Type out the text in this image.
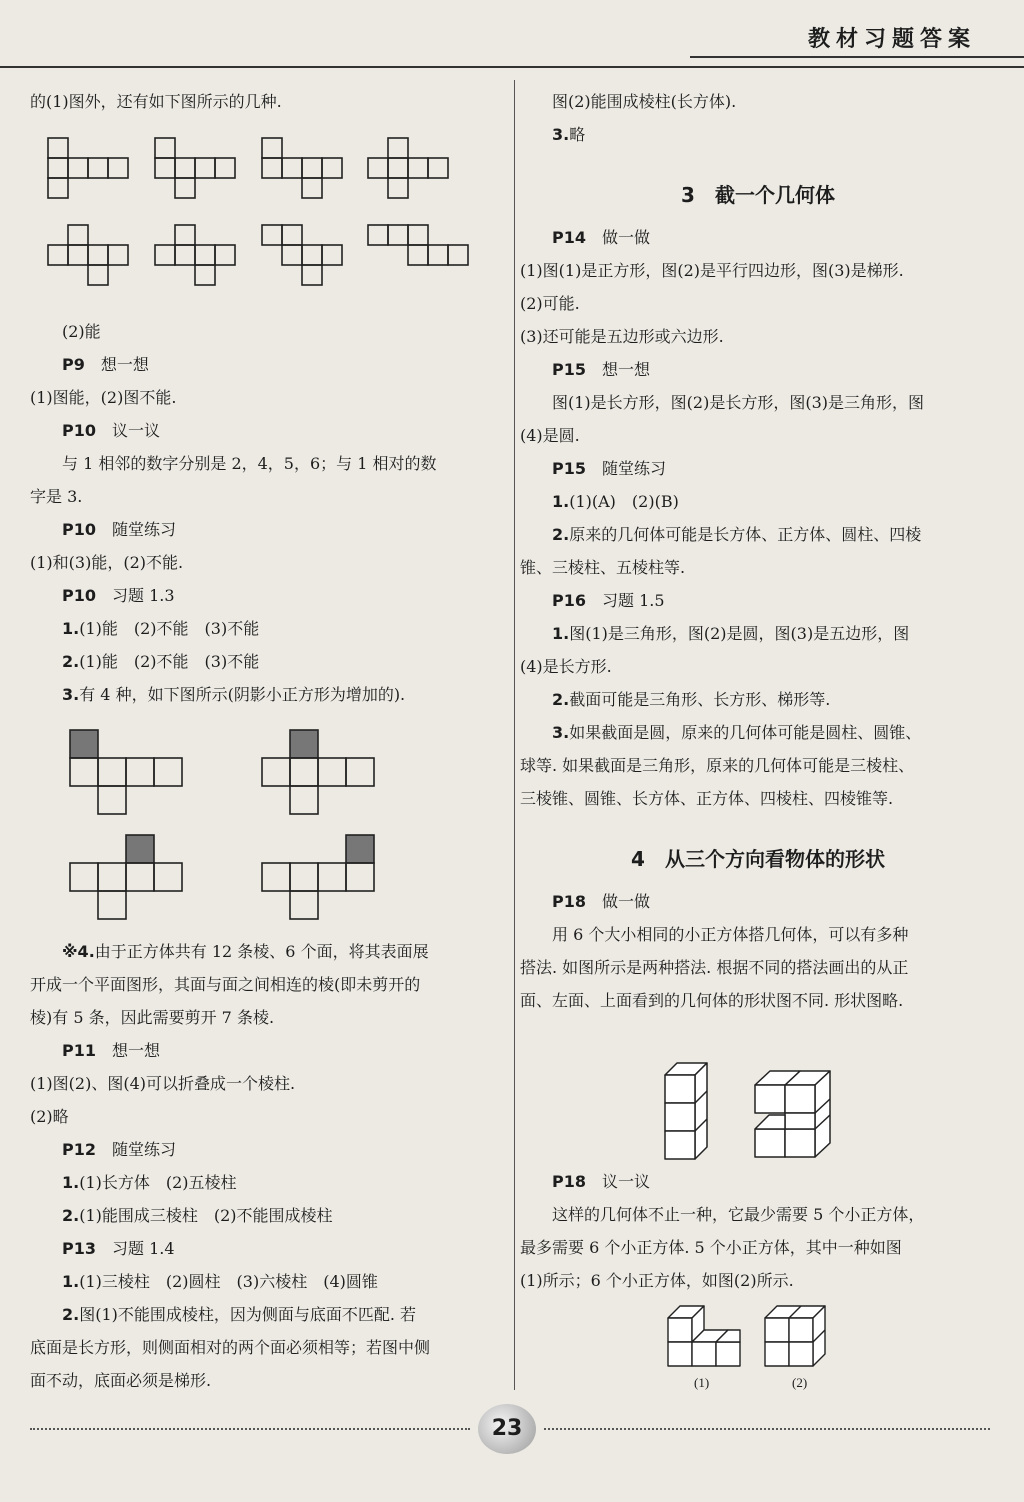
教材习题答案
的(1)图外，还有如下图所示的几种.
(2)能
P9　 想一想
(1)图能，(2)图不能.
P10　 议一议
与 1 相邻的数字分别是 2，4，5，6；与 1 相对的数
字是 3.
P10　 随堂练习
(1)和(3)能，(2)不能.
P10　 习题 1.3
1.(1)能　(2)不能　(3)不能
2.(1)能　(2)不能　(3)不能
3.有 4 种，如下图所示(阴影小正方形为增加的).
※4.由于正方体共有 12 条棱、6 个面，将其表面展
开成一个平面图形，其面与面之间相连的棱(即未剪开的
棱)有 5 条，因此需要剪开 7 条棱.
P11　 想一想
(1)图(2)、图(4)可以折叠成一个棱柱.
(2)略
P12　 随堂练习
1.(1)长方体　(2)五棱柱
2.(1)能围成三棱柱　(2)不能围成棱柱
P13　 习题 1.4
1.(1)三棱柱　(2)圆柱　(3)六棱柱　(4)圆锥
2.图(1)不能围成棱柱，因为侧面与底面不匹配. 若
底面是长方形，则侧面相对的两个面必须相等；若图中侧
面不动，底面必须是梯形.
图(2)能围成棱柱(长方体).
3.略
3　截一个几何体
P14　 做一做
(1)图(1)是正方形，图(2)是平行四边形，图(3)是梯形.
(2)可能.
(3)还可能是五边形或六边形.
P15　 想一想
图(1)是长方形，图(2)是长方形，图(3)是三角形，图
(4)是圆.
P15　 随堂练习
1.(1)(A)　(2)(B)
2.原来的几何体可能是长方体、正方体、圆柱、四棱
锥、三棱柱、五棱柱等.
P16　 习题 1.5
1.图(1)是三角形，图(2)是圆，图(3)是五边形，图
(4)是长方形.
2.截面可能是三角形、长方形、梯形等.
3.如果截面是圆，原来的几何体可能是圆柱、圆锥、
球等. 如果截面是三角形，原来的几何体可能是三棱柱、
三棱锥、圆锥、长方体、正方体、四棱柱、四棱锥等.
4　从三个方向看物体的形状
P18　 做一做
用 6 个大小相同的小正方体搭几何体，可以有多种
搭法. 如图所示是两种搭法. 根据不同的搭法画出的从正
面、左面、上面看到的几何体的形状图不同. 形状图略.
P18　 议一议
这样的几何体不止一种，它最少需要 5 个小正方体，
最多需要 6 个小正方体. 5 个小正方体，其中一种如图
(1)所示；6 个小正方体，如图(2)所示.
(1)	(2)
23
